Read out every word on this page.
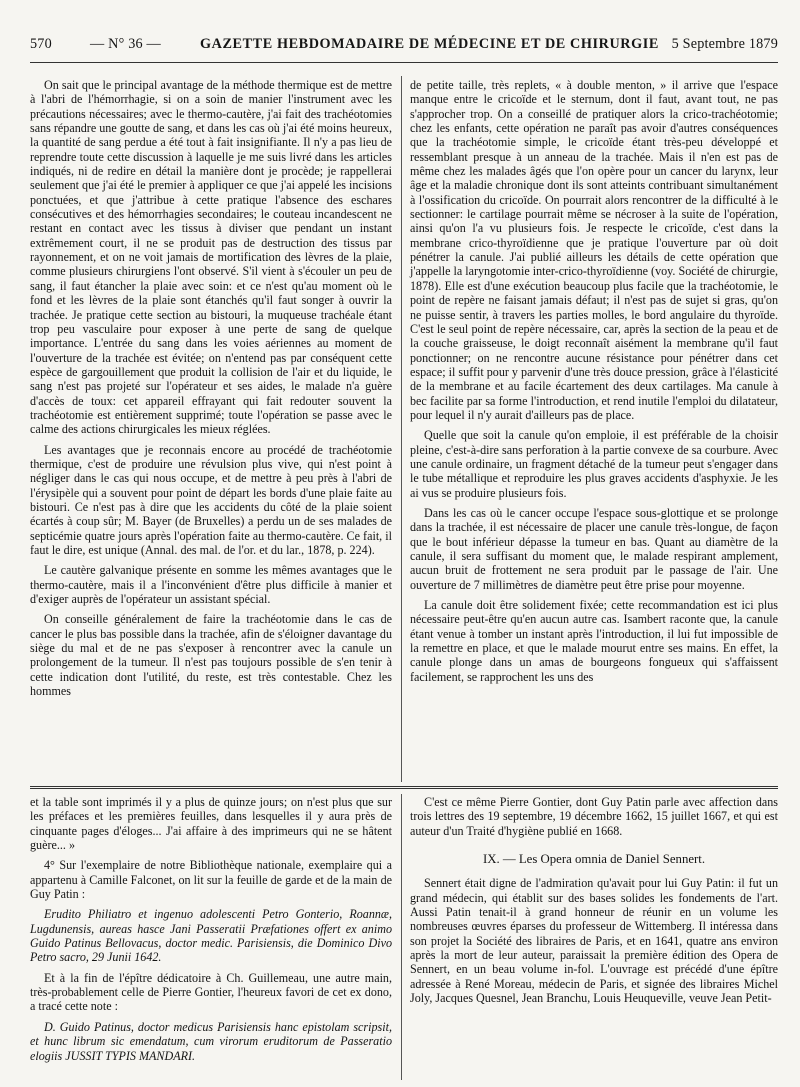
570	— N° 36 —	GAZETTE HEBDOMADAIRE DE MÉDECINE ET DE CHIRURGIE 5 Septembre 1879

On sait que le principal avantage de la méthode thermique est de mettre à l'abri de l'hémorrhagie, si on a soin de manier l'instrument avec les précautions nécessaires; avec le thermo-cautère, j'ai fait des trachéotomies sans répandre une goutte de sang, et dans les cas où j'ai été moins heureux, la quantité de sang perdue a été tout à fait insignifiante. Il n'y a pas lieu de reprendre toute cette discussion à laquelle je me suis livré dans les articles indiqués, ni de redire en détail la manière dont je procède; je rappellerai seulement que j'ai été le premier à appliquer ce que j'ai appelé les incisions ponctuées, et que j'attribue à cette pratique l'absence des eschares consécutives et des hémorrhagies secondaires; le couteau incandescent ne restant en contact avec les tissus à diviser que pendant un instant extrêmement court, il ne se produit pas de destruction des tissus par rayonnement, et on ne voit jamais de mortification des lèvres de la plaie, comme plusieurs chirurgiens l'ont observé. S'il vient à s'écouler un peu de sang, il faut étancher la plaie avec soin: et ce n'est qu'au moment où le fond et les lèvres de la plaie sont étanchés qu'il faut songer à ouvrir la trachée. Je pratique cette section au bistouri, la muqueuse trachéale étant trop peu vasculaire pour exposer à une perte de sang de quelque importance. L'entrée du sang dans les voies aériennes au moment de l'ouverture de la trachée est évitée; on n'entend pas par conséquent cette espèce de gargouillement que produit la collision de l'air et du liquide, le sang n'est pas projeté sur l'opérateur et ses aides, le malade n'a guère d'accès de toux: cet appareil effrayant qui fait redouter souvent la trachéotomie est entièrement supprimé; toute l'opération se passe avec le calme des actions chirurgicales les mieux réglées.

Les avantages que je reconnais encore au procédé de trachéotomie thermique, c'est de produire une révulsion plus vive, qui n'est point à négliger dans le cas qui nous occupe, et de mettre à peu près à l'abri de l'érysipèle qui a souvent pour point de départ les bords d'une plaie faite au bistouri. Ce n'est pas à dire que les accidents du côté de la plaie soient écartés à coup sûr; M. Bayer (de Bruxelles) a perdu un de ses malades de septicémie quatre jours après l'opération faite au thermo-cautère. Ce fait, il faut le dire, est unique (Annal. des mal. de l'or. et du lar., 1878, p. 224).

Le cautère galvanique présente en somme les mêmes avantages que le thermo-cautère, mais il a l'inconvénient d'être plus difficile à manier et d'exiger auprès de l'opérateur un assistant spécial.

On conseille généralement de faire la trachéotomie dans le cas de cancer le plus bas possible dans la trachée, afin de s'éloigner davantage du siège du mal et de ne pas s'exposer à rencontrer avec la canule un prolongement de la tumeur. Il n'est pas toujours possible de s'en tenir à cette indication dont l'utilité, du reste, est très contestable. Chez les hommes

de petite taille, très replets, « à double menton, » il arrive que l'espace manque entre le cricoïde et le sternum, dont il faut, avant tout, ne pas s'approcher trop. On a conseillé de pratiquer alors la crico-trachéotomie; chez les enfants, cette opération ne paraît pas avoir d'autres conséquences que la trachéotomie simple, le cricoïde étant très-peu développé et ressemblant presque à un anneau de la trachée. Mais il n'en est pas de même chez les malades âgés que l'on opère pour un cancer du larynx, leur âge et la maladie chronique dont ils sont atteints contribuant simultanément à l'ossification du cricoïde. On pourrait alors rencontrer de la difficulté à le sectionner: le cartilage pourrait même se nécroser à la suite de l'opération, ainsi qu'on l'a vu plusieurs fois. Je respecte le cricoïde, c'est dans la membrane crico-thyroïdienne que je pratique l'ouverture par où doit pénétrer la canule. J'ai publié ailleurs les détails de cette opération que j'appelle la laryngotomie inter-crico-thyroïdienne (voy. Société de chirurgie, 1878). Elle est d'une exécution beaucoup plus facile que la trachéotomie, le point de repère ne faisant jamais défaut; il n'est pas de sujet si gras, qu'on ne puisse sentir, à travers les parties molles, le bord angulaire du thyroïde. C'est le seul point de repère nécessaire, car, après la section de la peau et de la couche graisseuse, le doigt reconnaît aisément la membrane qu'il faut ponctionner; on ne rencontre aucune résistance pour pénétrer dans cet espace; il suffit pour y parvenir d'une très douce pression, grâce à l'élasticité de la membrane et au facile écartement des deux cartilages. Ma canule à bec facilite par sa forme l'introduction, et rend inutile l'emploi du dilatateur, pour lequel il n'y aurait d'ailleurs pas de place.

Quelle que soit la canule qu'on emploie, il est préférable de la choisir pleine, c'est-à-dire sans perforation à la partie convexe de sa courbure. Avec une canule ordinaire, un fragment détaché de la tumeur peut s'engager dans le tube métallique et reproduire les plus graves accidents d'asphyxie. Je les ai vus se produire plusieurs fois.

Dans les cas où le cancer occupe l'espace sous-glottique et se prolonge dans la trachée, il est nécessaire de placer une canule très-longue, de façon que le bout inférieur dépasse la tumeur en bas. Quant au diamètre de la canule, il sera suffisant du moment que, le malade respirant amplement, aucun bruit de frottement ne sera produit par le passage de l'air. Une ouverture de 7 millimètres de diamètre peut être prise pour moyenne.

La canule doit être solidement fixée; cette recommandation est ici plus nécessaire peut-être qu'en aucun autre cas. Isambert raconte que, la canule étant venue à tomber un instant après l'introduction, il lui fut impossible de la remettre en place, et que le malade mourut entre ses mains. En effet, la canule plonge dans un amas de bourgeons fongueux qui s'affaissent facilement, se rapprochent les uns des

et la table sont imprimés il y a plus de quinze jours; on n'est plus que sur les préfaces et les premières feuilles, dans lesquelles il y aura près de cinquante pages d'éloges... J'ai affaire à des imprimeurs qui ne se hâtent guère... »

4° Sur l'exemplaire de notre Bibliothèque nationale, exemplaire qui a appartenu à Camille Falconet, on lit sur la feuille de garde et de la main de Guy Patin :

Erudito Philiatro et ingenuo adolescenti Petro Gonterio, Roannæ, Lugdunensis, aureas hasce Jani Passeratii Præfationes offert ex animo Guido Patinus Bellovacus, doctor medic. Parisiensis, die Dominico Divo Petro sacro, 29 Junii 1642.

Et à la fin de l'épître dédicatoire à Ch. Guillemeau, une autre main, très-probablement celle de Pierre Gontier, l'heureux favori de cet ex dono, a tracé cette note :

D. Guido Patinus, doctor medicus Parisiensis hanc epistolam scripsit, et hunc librum sic emendatum, cum virorum eruditorum de Passeratio elogiis JUSSIT TYPIS MANDARI.

C'est ce même Pierre Gontier, dont Guy Patin parle avec affection dans trois lettres des 19 septembre, 19 décembre 1662, 15 juillet 1667, et qui est auteur d'un Traité d'hygiène publié en 1668.

IX. — Les Opera omnia de Daniel Sennert.

Sennert était digne de l'admiration qu'avait pour lui Guy Patin: il fut un grand médecin, qui établit sur des bases solides les fondements de l'art. Aussi Patin tenait-il à grand honneur de réunir en un volume les nombreuses œuvres éparses du professeur de Wittemberg. Il intéressa dans son projet la Société des libraires de Paris, et en 1641, quatre ans environ après la mort de leur auteur, paraissait la première édition des Opera de Sennert, en un beau volume in-fol. L'ouvrage est précédé d'une épître adressée à René Moreau, médecin de Paris, et signée des libraires Michel Joly, Jacques Quesnel, Jean Branchu, Louis Heuqueville, veuve Jean Petit-
